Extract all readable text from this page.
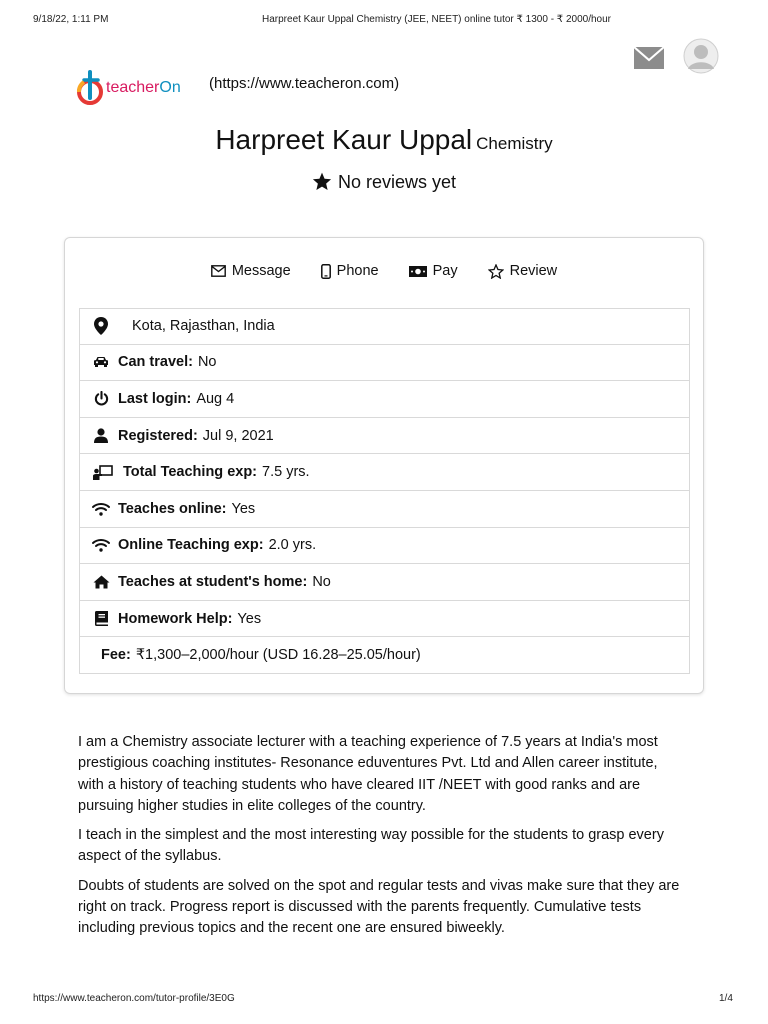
9/18/22, 1:11 PM	Harpreet Kaur Uppal Chemistry (JEE, NEET) online tutor ₹ 1300 - ₹ 2000/hour
teacherOn (https://www.teacheron.com)
Harpreet Kaur Uppal Chemistry
No reviews yet
Message	Phone	Pay	Review
Kota, Rajasthan, India
Can travel: No
Last login: Aug 4
Registered: Jul 9, 2021
Total Teaching exp: 7.5 yrs.
Teaches online: Yes
Online Teaching exp: 2.0 yrs.
Teaches at student's home: No
Homework Help: Yes
Fee: ₹1,300–2,000/hour (USD 16.28–25.05/hour)

I am a Chemistry associate lecturer with a teaching experience of 7.5 years at India's most prestigious coaching institutes- Resonance eduventures Pvt. Ltd and Allen career institute, with a history of teaching students who have cleared IIT /NEET with good ranks and are pursuing higher studies in elite colleges of the country.

I teach in the simplest and the most interesting way possible for the students to grasp every aspect of the syllabus.

Doubts of students are solved on the spot and regular tests and vivas make sure that they are right on track. Progress report is discussed with the parents frequently. Cumulative tests including previous topics and the recent one are ensured biweekly.

https://www.teacheron.com/tutor-profile/3E0G	1/4
